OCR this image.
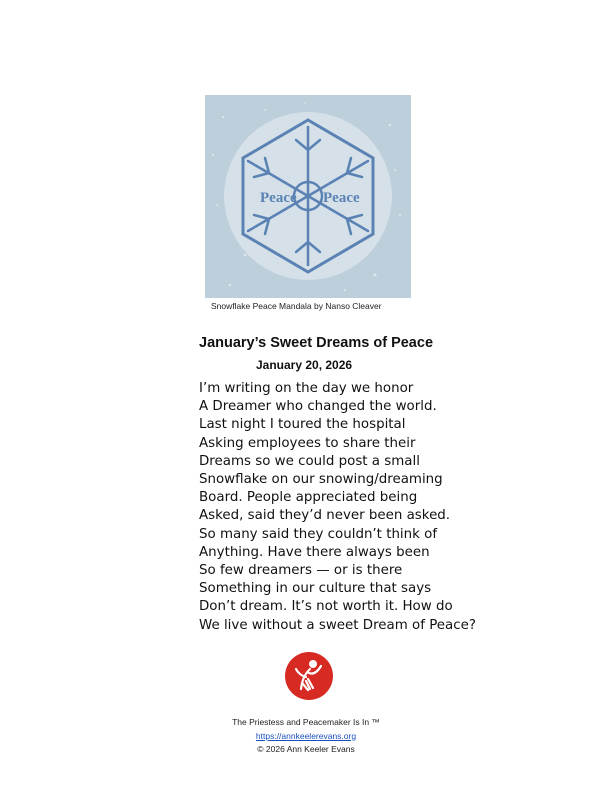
Peace Peace
Snowflake Peace Mandala by Nanso Cleaver
January’s Sweet Dreams of Peace
January 20, 2026
I’m writing on the day we honor
A Dreamer who changed the world.
Last night I toured the hospital
Asking employees to share their
Dreams so we could post a small
Snowflake on our snowing/dreaming
Board. People appreciated being
Asked, said they’d never been asked.
So many said they couldn’t think of
Anything. Have there always been
So few dreamers — or is there
Something in our culture that says
Don’t dream. It’s not worth it. How do
We live without a sweet Dream of Peace?
The Priestess and Peacemaker Is In ™
https://annkeelerevans.org
© 2026 Ann Keeler Evans
